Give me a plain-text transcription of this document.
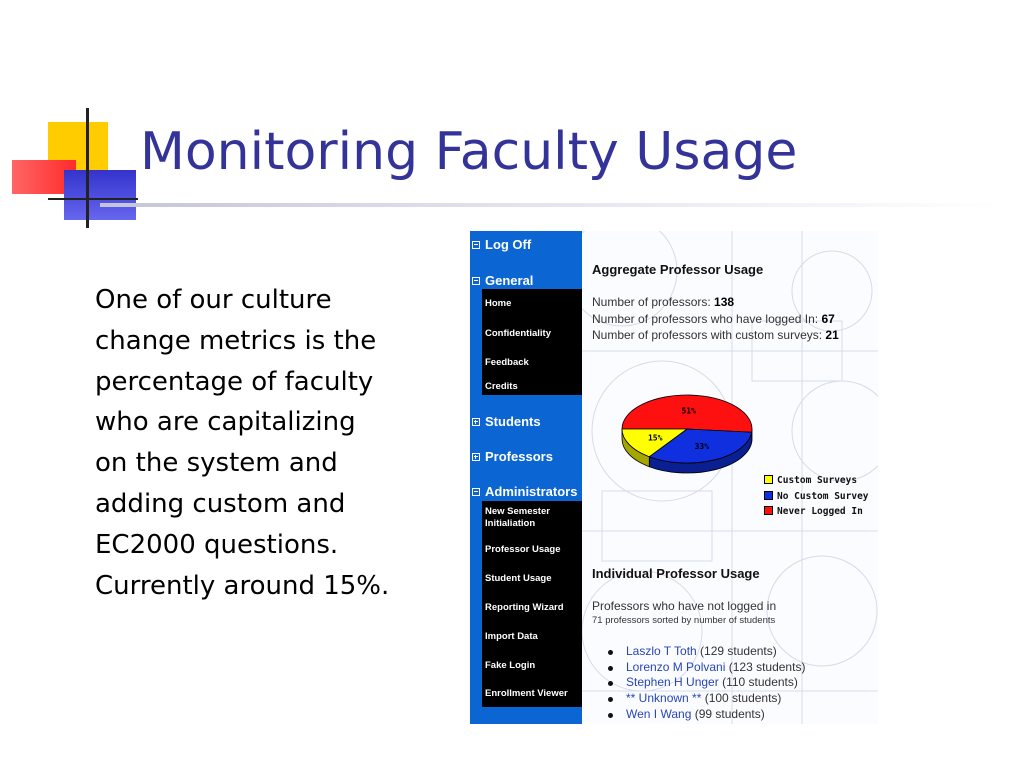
Monitoring Faculty Usage
One of our culture change metrics is the percentage of faculty who are capitalizing on the system and adding custom and EC2000 questions. Currently around 15%.
Log Off
General
Home
Confidentiality
Feedback
Credits
Students
Professors
Administrators
New Semester Initialiation
Professor Usage
Student Usage
Reporting Wizard
Import Data
Fake Login
Enrollment Viewer
Aggregate Professor Usage
Number of professors: 138
Number of professors who have logged In: 67
Number of professors with custom surveys: 21
51%
33%
15%
Custom Surveys
No Custom Survey
Never Logged In
Individual Professor Usage
Professors who have not logged in
71 professors sorted by number of students
Laszlo T Toth (129 students)
Lorenzo M Polvani (123 students)
Stephen H Unger (110 students)
** Unknown ** (100 students)
Wen I Wang (99 students)
